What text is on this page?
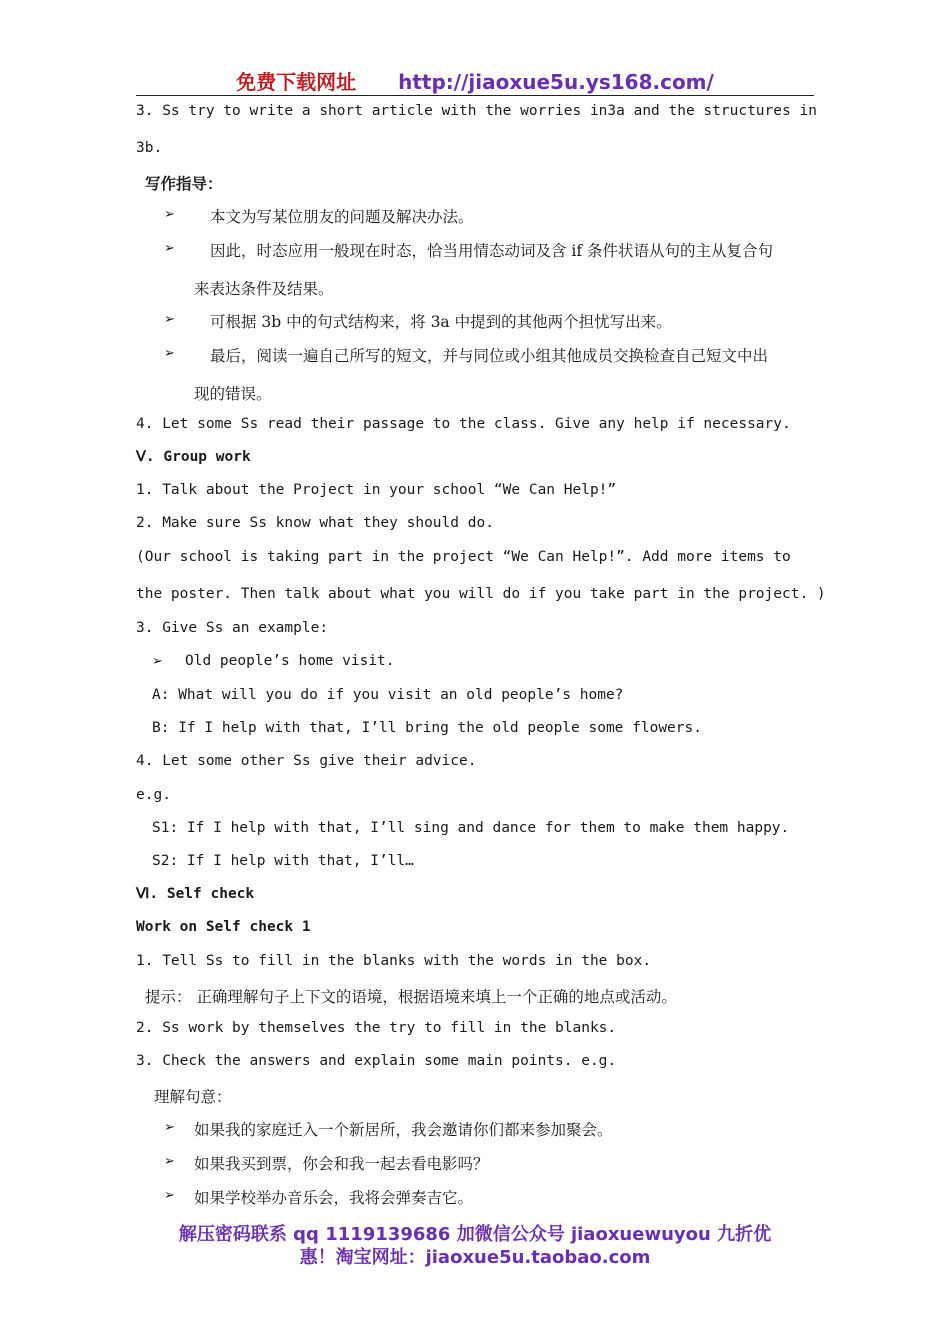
免费下载网址 http://jiaoxue5u.ys168.com/
3. Ss try to write a short article with the worries in3a and the structures in
3b.
写作指导：
➢ 本文为写某位朋友的问题及解决办法。
➢ 因此，时态应用一般现在时态，恰当用情态动词及含 if 条件状语从句的主从复合句
来表达条件及结果。
➢ 可根据 3b 中的句式结构来，将 3a 中提到的其他两个担忧写出来。
➢ 最后，阅读一遍自己所写的短文，并与同位或小组其他成员交换检查自己短文中出
现的错误。
4. Let some Ss read their passage to the class. Give any help if necessary.
Ⅴ. Group work
1. Talk about the Project in your school “We Can Help!”
2. Make sure Ss know what they should do.
(Our school is taking part in the project “We Can Help!”. Add more items to
the poster. Then talk about what you will do if you take part in the project. )
3. Give Ss an example:
➢ Old people’s home visit.
A: What will you do if you visit an old people’s home?
B: If I help with that, I’ll bring the old people some flowers.
4. Let some other Ss give their advice.
e.g.
S1: If I help with that, I’ll sing and dance for them to make them happy.
S2: If I help with that, I’ll…
Ⅵ. Self check
Work on Self check 1
1. Tell Ss to fill in the blanks with the words in the box.
提示： 正确理解句子上下文的语境，根据语境来填上一个正确的地点或活动。
2. Ss work by themselves the try to fill in the blanks.
3. Check the answers and explain some main points. e.g.
理解句意：
➢ 如果我的家庭迁入一个新居所，我会邀请你们都来参加聚会。
➢ 如果我买到票，你会和我一起去看电影吗？
➢ 如果学校举办音乐会，我将会弹奏吉它。
解压密码联系 qq 1119139686 加微信公众号 jiaoxuewuyou 九折优
惠！淘宝网址：jiaoxue5u.taobao.com
